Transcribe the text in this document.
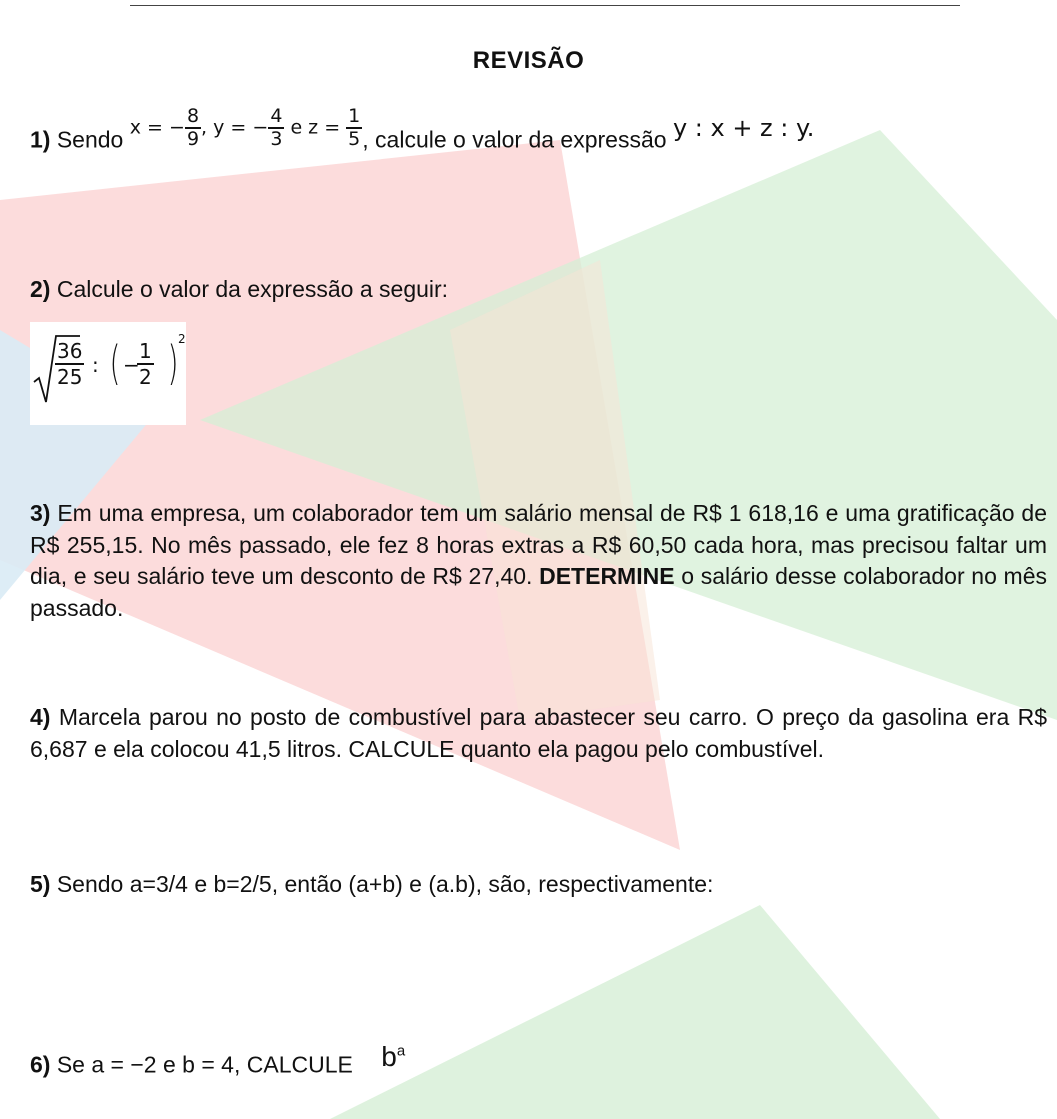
REVISÃO
1) Sendo x = − $\frac{8}{9}$ , y = − $\frac{4}{3}$ e $z = \frac{1}{5}$ , calcule o valor da expressão y : x + z : y.
2) Calcule o valor da expressão a seguir:
$\frac{36}{25}$ : ( −
$\frac{1}{2}$ ) 2
3) Em uma empresa, um colaborador tem um salário mensal de R$ 1 618,16 e uma gratificação de R$ 255,15. No mês passado, ele fez 8 horas extras a R$ 60,50 cada hora, mas precisou faltar um dia, e seu salário teve um desconto de R$ 27,40. DETERMINE o salário desse colaborador no mês passado.
4) Marcela parou no posto de combustível para abastecer seu carro. O preço da gasolina era R$ 6,687 e ela colocou 41,5 litros. CALCULE quanto ela pagou pelo combustível.
5) Sendo a=3/4 e b=2/5, então (a+b) e (a.b), são, respectivamente:
6) Se a = −2 e b = 4, CALCULE $b^a$
